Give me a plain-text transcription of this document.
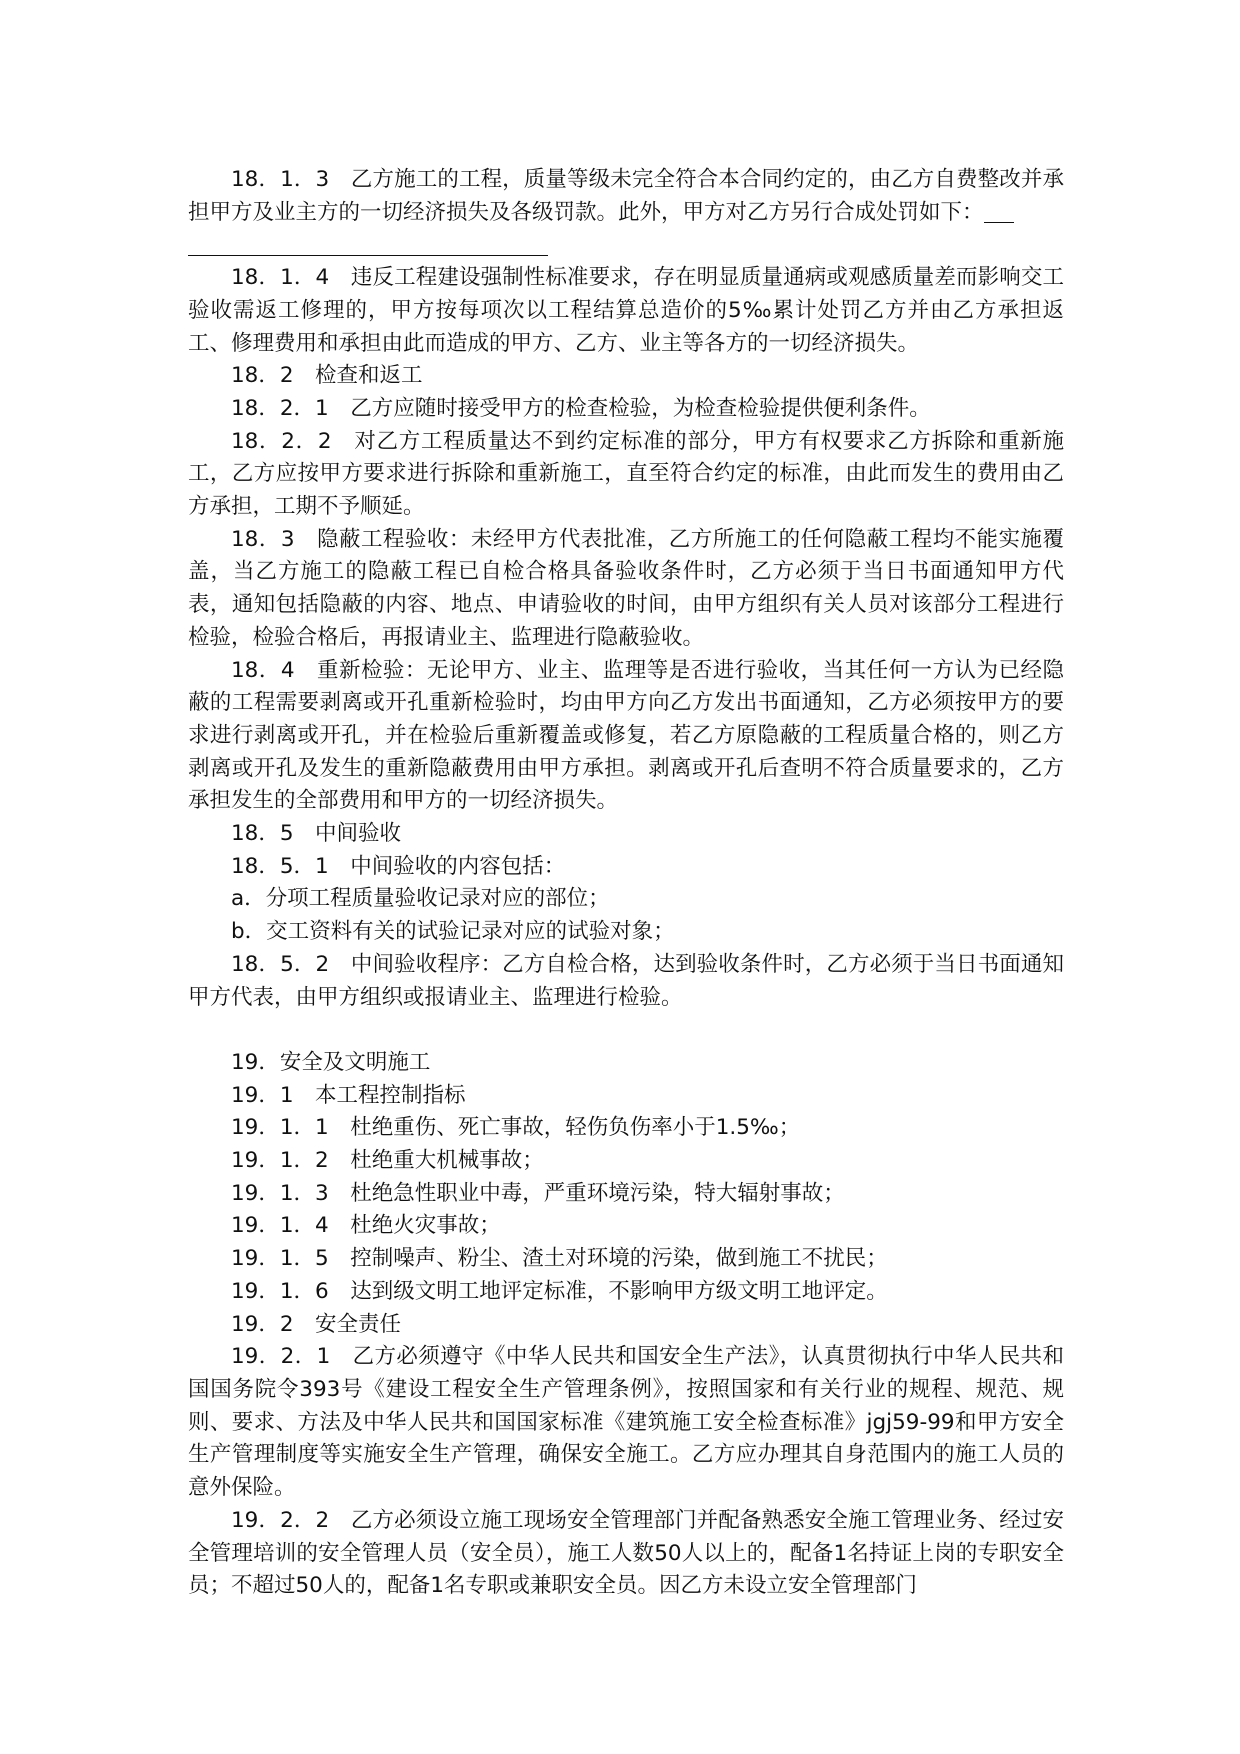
18．1．3　乙方施工的工程，质量等级未完全符合本合同约定的，由乙方自费整改并承担甲方及业主方的一切经济损失及各级罚款。此外，甲方对乙方另行合成处罚如下：

18．1．4　违反工程建设强制性标准要求，存在明显质量通病或观感质量差而影响交工验收需返工修理的，甲方按每项次以工程结算总造价的5‰累计处罚乙方并由乙方承担返工、修理费用和承担由此而造成的甲方、乙方、业主等各方的一切经济损失。

18．2　检查和返工

18．2．1　乙方应随时接受甲方的检查检验，为检查检验提供便利条件。

18．2．2　对乙方工程质量达不到约定标准的部分，甲方有权要求乙方拆除和重新施工，乙方应按甲方要求进行拆除和重新施工，直至符合约定的标准，由此而发生的费用由乙方承担，工期不予顺延。

18．3　隐蔽工程验收：未经甲方代表批准，乙方所施工的任何隐蔽工程均不能实施覆盖，当乙方施工的隐蔽工程已自检合格具备验收条件时，乙方必须于当日书面通知甲方代表，通知包括隐蔽的内容、地点、申请验收的时间，由甲方组织有关人员对该部分工程进行检验，检验合格后，再报请业主、监理进行隐蔽验收。

18．4　重新检验：无论甲方、业主、监理等是否进行验收，当其任何一方认为已经隐蔽的工程需要剥离或开孔重新检验时，均由甲方向乙方发出书面通知，乙方必须按甲方的要求进行剥离或开孔，并在检验后重新覆盖或修复，若乙方原隐蔽的工程质量合格的，则乙方剥离或开孔及发生的重新隐蔽费用由甲方承担。剥离或开孔后查明不符合质量要求的，乙方承担发生的全部费用和甲方的一切经济损失。

18．5　中间验收

18．5．1　中间验收的内容包括：

a．分项工程质量验收记录对应的部位；

b．交工资料有关的试验记录对应的试验对象；

18．5．2　中间验收程序：乙方自检合格，达到验收条件时，乙方必须于当日书面通知甲方代表，由甲方组织或报请业主、监理进行检验。

19．安全及文明施工

19．1　本工程控制指标

19．1．1　杜绝重伤、死亡事故，轻伤负伤率小于1.5‰；

19．1．2　杜绝重大机械事故；

19．1．3　杜绝急性职业中毒，严重环境污染，特大辐射事故；

19．1．4　杜绝火灾事故；

19．1．5　控制噪声、粉尘、渣土对环境的污染，做到施工不扰民；

19．1．6　达到级文明工地评定标准，不影响甲方级文明工地评定。

19．2　安全责任

19．2．1　乙方必须遵守《中华人民共和国安全生产法》，认真贯彻执行中华人民共和国国务院令393号《建设工程安全生产管理条例》，按照国家和有关行业的规程、规范、规则、要求、方法及中华人民共和国国家标准《建筑施工安全检查标准》jgj59-99和甲方安全生产管理制度等实施安全生产管理，确保安全施工。乙方应办理其自身范围内的施工人员的意外保险。

19．2．2　乙方必须设立施工现场安全管理部门并配备熟悉安全施工管理业务、经过安全管理培训的安全管理人员（安全员），施工人数50人以上的，配备1名持证上岗的专职安全员；不超过50人的，配备1名专职或兼职安全员。因乙方未设立安全管理部门
